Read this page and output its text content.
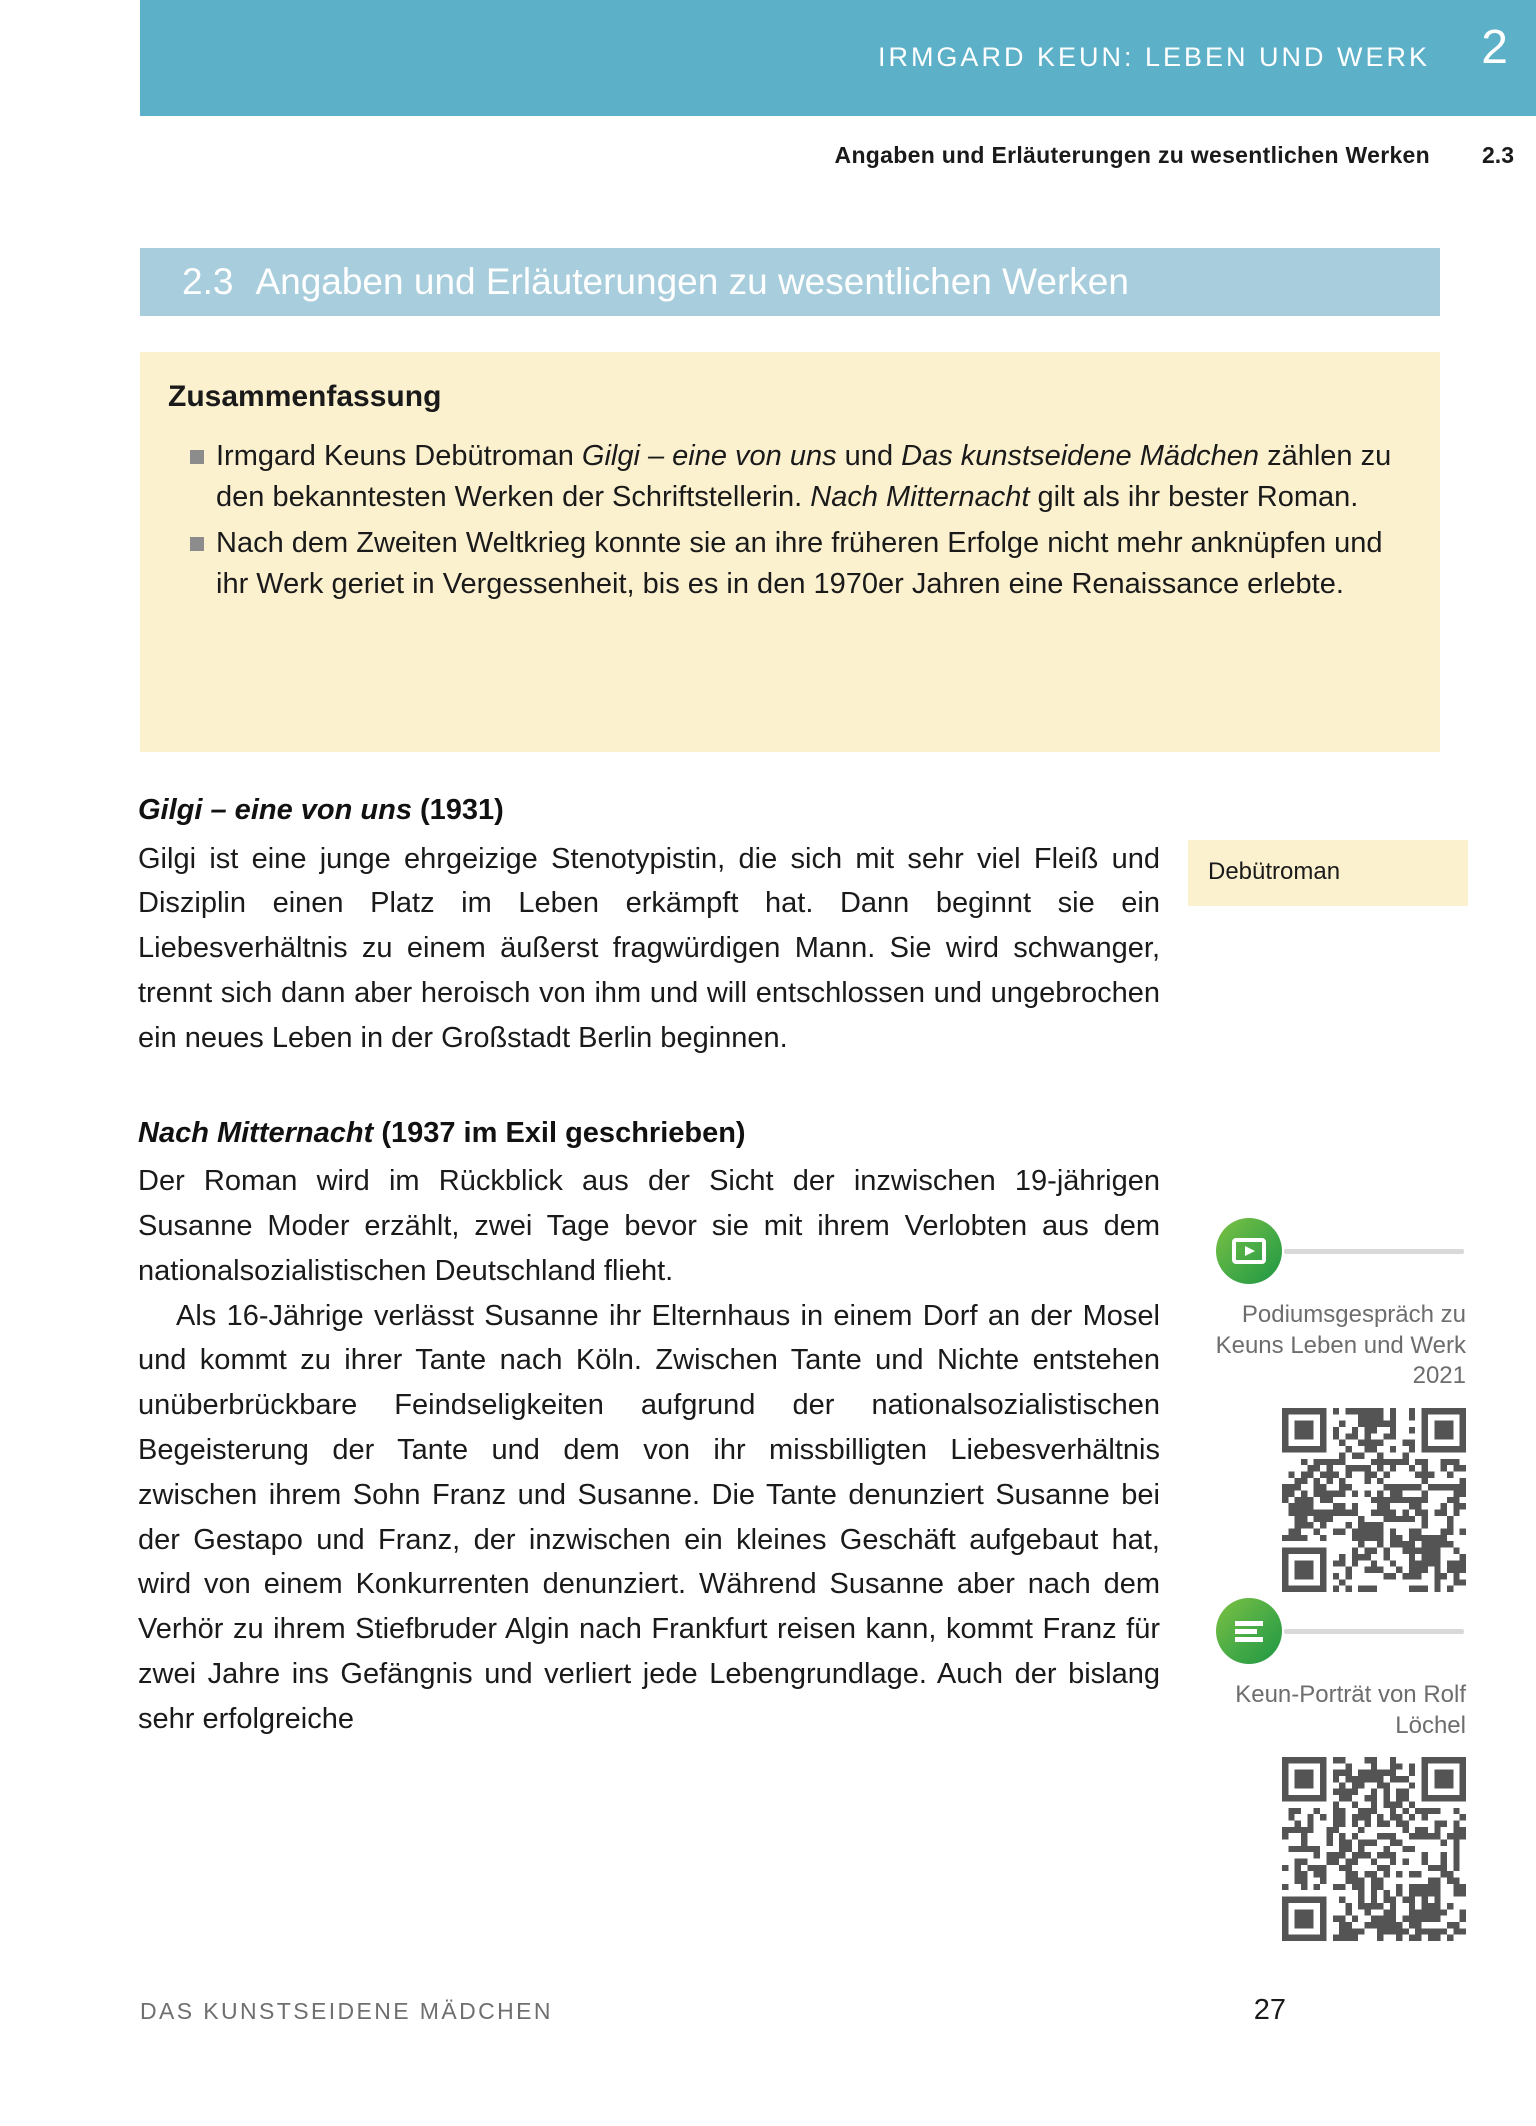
IRMGARD KEUN: LEBEN UND WERK 2
Angaben und Erläuterungen zu wesentlichen Werken 2.3
2.3 Angaben und Erläuterungen zu wesentlichen Werken
Zusammenfassung
Irmgard Keuns Debütroman Gilgi – eine von uns und Das kunstseidene Mädchen zählen zu den bekanntesten Werken der Schriftstellerin. Nach Mitternacht gilt als ihr bester Roman.
Nach dem Zweiten Weltkrieg konnte sie an ihre früheren Erfolge nicht mehr anknüpfen und ihr Werk geriet in Vergessenheit, bis es in den 1970er Jahren eine Renaissance erlebte.
Gilgi – eine von uns (1931)

Gilgi ist eine junge ehrgeizige Stenotypistin, die sich mit sehr viel Fleiß und Disziplin einen Platz im Leben erkämpft hat. Dann beginnt sie ein Liebesverhältnis zu einem äußerst fragwürdigen Mann. Sie wird schwanger, trennt sich dann aber heroisch von ihm und will entschlossen und ungebrochen ein neues Leben in der Großstadt Berlin beginnen.

Nach Mitternacht (1937 im Exil geschrieben)

Der Roman wird im Rückblick aus der Sicht der inzwischen 19-jährigen Susanne Moder erzählt, zwei Tage bevor sie mit ihrem Verlobten aus dem nationalsozialistischen Deutschland flieht.

Als 16-Jährige verlässt Susanne ihr Elternhaus in einem Dorf an der Mosel und kommt zu ihrer Tante nach Köln. Zwischen Tante und Nichte entstehen unüberbrückbare Feindseligkeiten aufgrund der nationalsozialistischen Begeisterung der Tante und dem von ihr missbilligten Liebesverhältnis zwischen ihrem Sohn Franz und Susanne. Die Tante denunziert Susanne bei der Gestapo und Franz, der inzwischen ein kleines Geschäft aufgebaut hat, wird von einem Konkurrenten denunziert. Während Susanne aber nach dem Verhör zu ihrem Stiefbruder Algin nach Frankfurt reisen kann, kommt Franz für zwei Jahre ins Gefängnis und verliert jede Lebengrundlage. Auch der bislang sehr erfolgreiche

Debütroman
Podiumsgespräch zu Keuns Leben und Werk 2021
Keun-Porträt von Rolf Löchel
DAS KUNSTSEIDENE MÄDCHEN	27
